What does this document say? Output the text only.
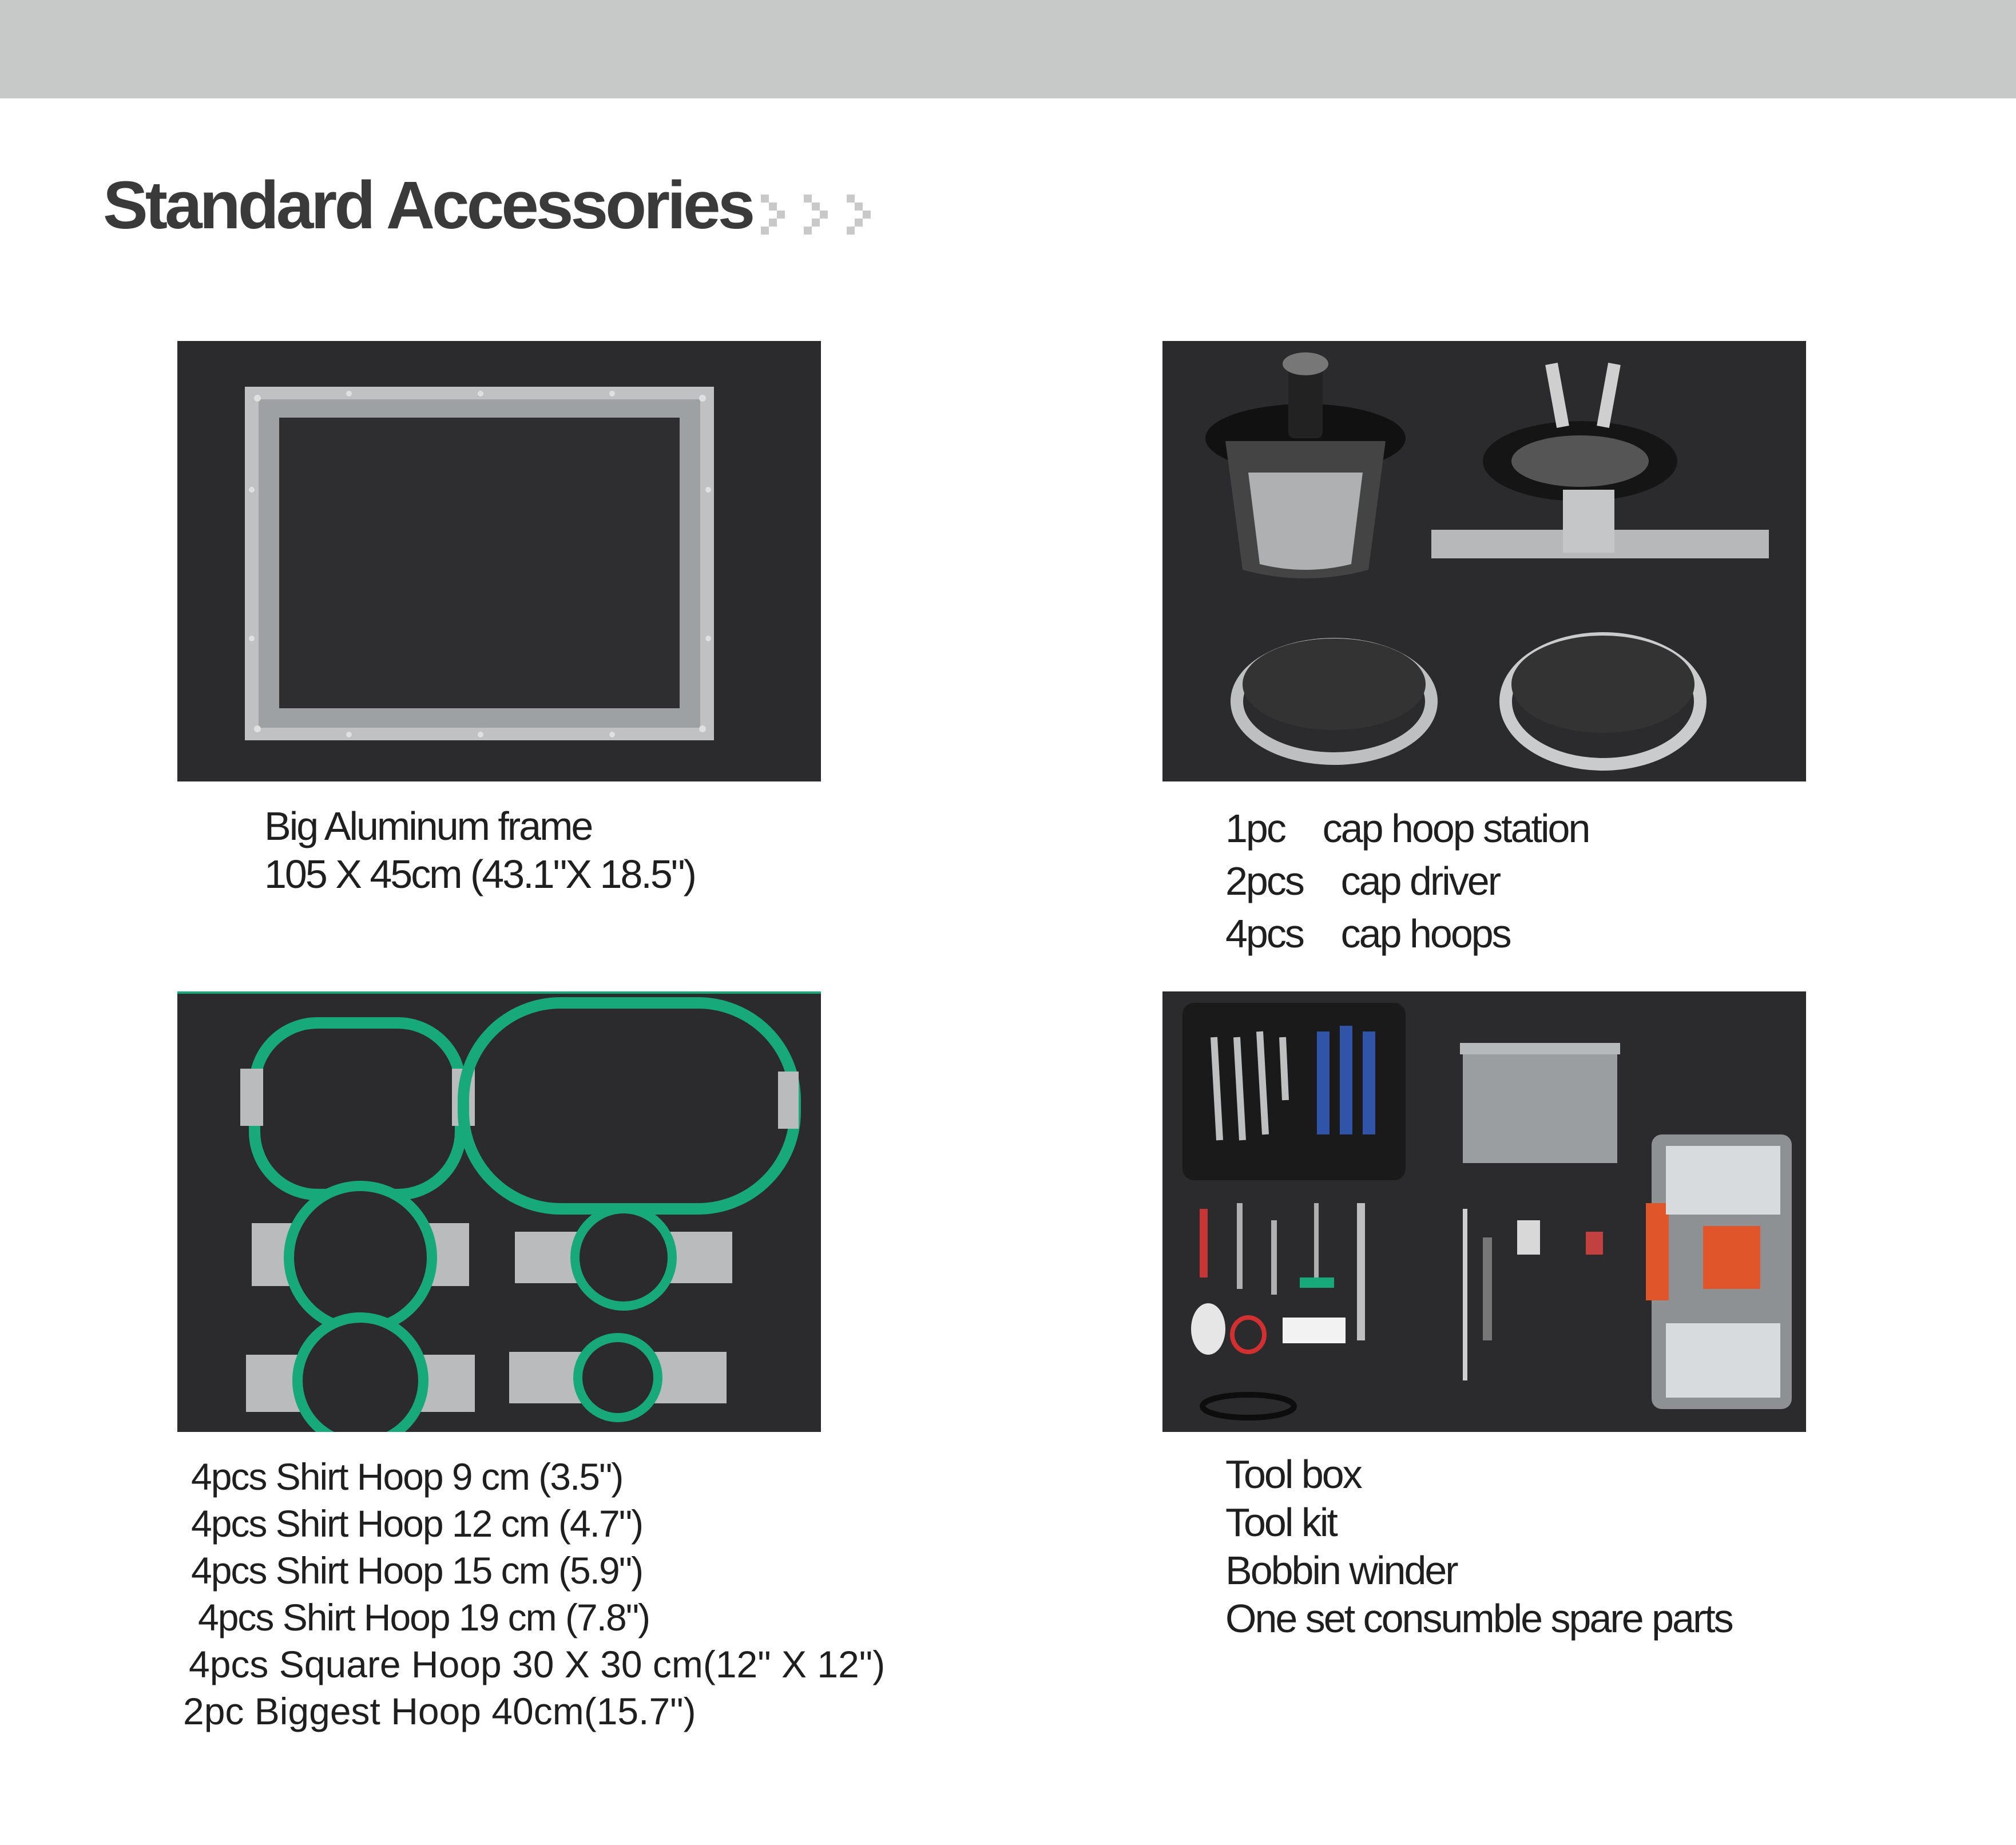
Standard Accessories
Big Aluminum frame
105 X 45cm (43.1"X 18.5")
1pc    cap hoop station
2pcs    cap driver
4pcs    cap hoops
4pcs Shirt Hoop 9 cm (3.5")
4pcs Shirt Hoop 12 cm (4.7")
4pcs Shirt Hoop 15 cm (5.9")
4pcs Shirt Hoop 19 cm (7.8")
4pcs Square Hoop 30 X 30 cm(12" X 12")
2pc Biggest Hoop 40cm(15.7")
Tool box
Tool kit
Bobbin winder
One set consumble spare parts
